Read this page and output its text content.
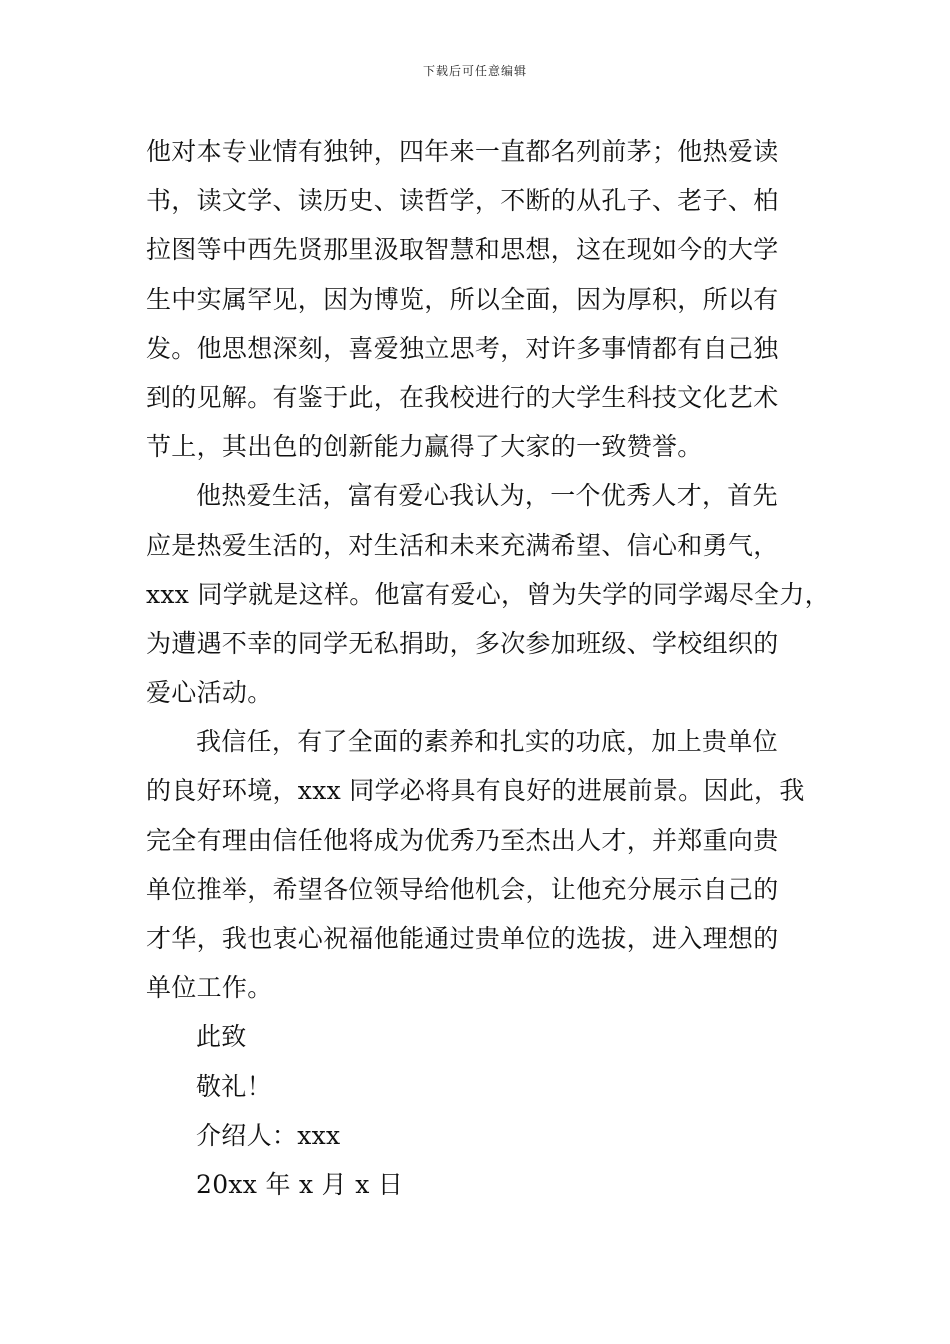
下载后可任意编辑

他对本专业情有独钟，四年来一直都名列前茅；他热爱读
书，读文学、读历史、读哲学，不断的从孔子、老子、柏
拉图等中西先贤那里汲取智慧和思想，这在现如今的大学
生中实属罕见，因为博览，所以全面，因为厚积，所以有
发。他思想深刻，喜爱独立思考，对许多事情都有自己独
到的见解。有鉴于此，在我校进行的大学生科技文化艺术
节上，其出色的创新能力赢得了大家的一致赞誉。

他热爱生活，富有爱心我认为，一个优秀人才，首先
应是热爱生活的，对生活和未来充满希望、信心和勇气，
xxx 同学就是这样。他富有爱心，曾为失学的同学竭尽全力，
为遭遇不幸的同学无私捐助，多次参加班级、学校组织的
爱心活动。

我信任，有了全面的素养和扎实的功底，加上贵单位
的良好环境，xxx 同学必将具有良好的进展前景。因此，我
完全有理由信任他将成为优秀乃至杰出人才，并郑重向贵
单位推举，希望各位领导给他机会，让他充分展示自己的
才华，我也衷心祝福他能通过贵单位的选拔，进入理想的
单位工作。

此致
敬礼！
介绍人：xxx
20xx 年 x 月 x 日
